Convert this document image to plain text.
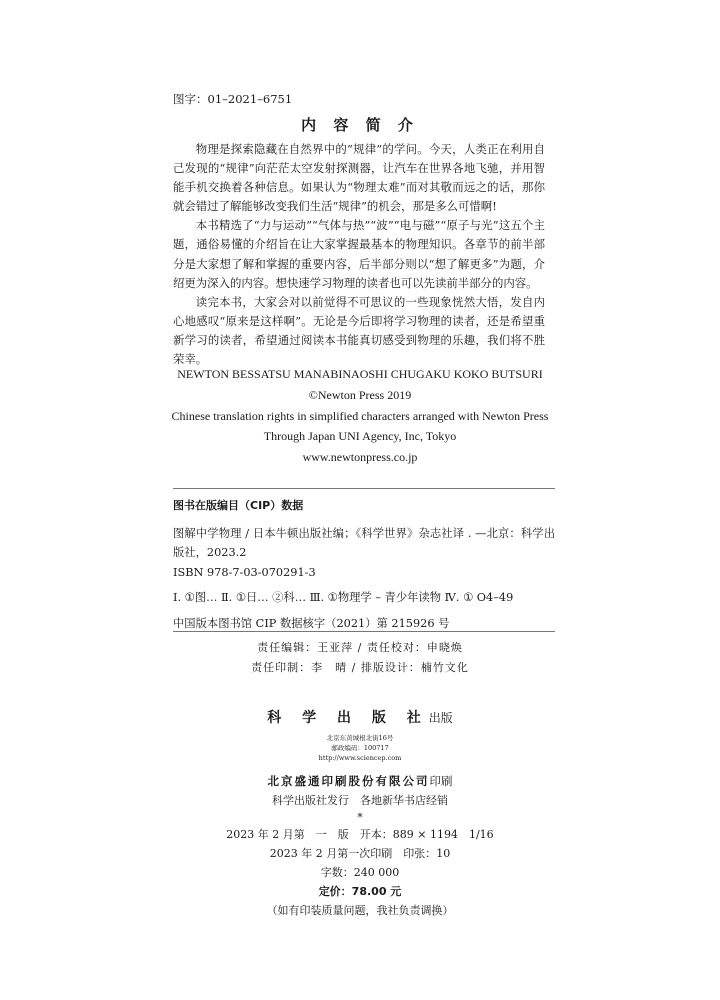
图字：01–2021–6751
内 容 简 介

物理是探索隐藏在自然界中的“规律”的学问。今天，人类正在利用自己发现的“规律”向茫茫太空发射探测器，让汽车在世界各地飞驰，并用智能手机交换着各种信息。如果认为“物理太难”而对其敬而远之的话，那你就会错过了解能够改变我们生活“规律”的机会，那是多么可惜啊!

本书精选了“力与运动”“气体与热”“波”“电与磁”“原子与光”这五个主题，通俗易懂的介绍旨在让大家掌握最基本的物理知识。各章节的前半部分是大家想了解和掌握的重要内容，后半部分则以“想了解更多”为题，介绍更为深入的内容。想快速学习物理的读者也可以先读前半部分的内容。

读完本书，大家会对以前觉得不可思议的一些现象恍然大悟，发自内心地感叹“原来是这样啊”。无论是今后即将学习物理的读者，还是希望重新学习的读者，希望通过阅读本书能真切感受到物理的乐趣，我们将不胜荣幸。

NEWTON BESSATSU MANABINAOSHI CHUGAKU KOKO BUTSURI
©Newton Press 2019
Chinese translation rights in simplified characters arranged with Newton Press
Through Japan UNI Agency, Inc, Tokyo
www.newtonpress.co.jp
图书在版编目（CIP）数据
图解中学物理 / 日本牛顿出版社编；《科学世界》杂志社译 . —北京：科学出版社，2023.2
ISBN 978-7-03-070291-3
Ⅰ. ①图… Ⅱ. ①日… ②科… Ⅲ. ①物理学 – 青少年读物 Ⅳ. ① O4–49
中国版本图书馆 CIP 数据核字（2021）第 215926 号
责任编辑：王亚萍 / 责任校对：申晓焕
责任印制：李　晴 / 排版设计：楠竹文化
科 学 出 版 社出版
北京东黄城根北街16号
邮政编码：100717
http://www.sciencep.com
北京盛通印刷股份有限公司印刷
科学出版社发行　各地新华书店经销
*
2023 年 2 月第　一　版　开本：889 × 1194　1/16
2023 年 2 月第一次印刷　印张：10
字数：240 000
定价：78.00 元
（如有印装质量问题，我社负责调换）
